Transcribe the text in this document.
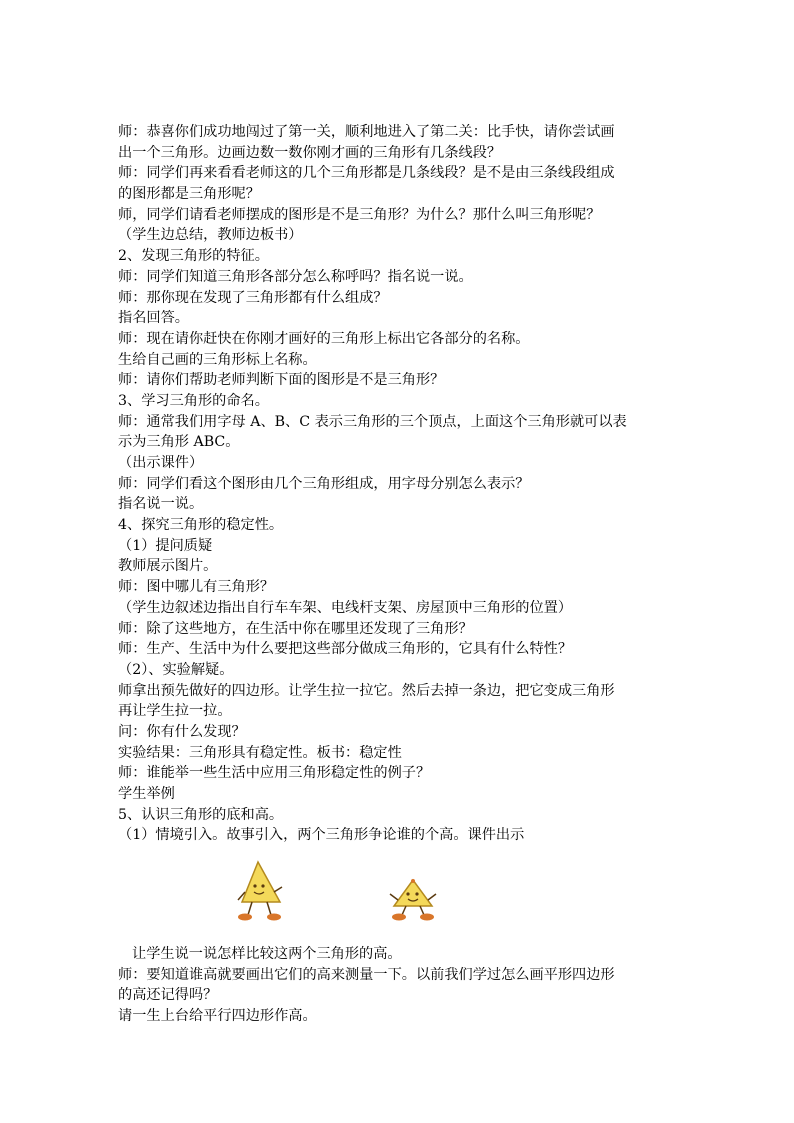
师：恭喜你们成功地闯过了第一关，顺利地进入了第二关：比手快，请你尝试画
出一个三角形。边画边数一数你刚才画的三角形有几条线段？
师：同学们再来看看老师这的几个三角形都是几条线段？是不是由三条线段组成
的图形都是三角形呢？
师，同学们请看老师摆成的图形是不是三角形？为什么？那什么叫三角形呢？
（学生边总结，教师边板书）
2、发现三角形的特征。
师：同学们知道三角形各部分怎么称呼吗？指名说一说。
师：那你现在发现了三角形都有什么组成？
指名回答。
师：现在请你赶快在你刚才画好的三角形上标出它各部分的名称。
生给自己画的三角形标上名称。
师：请你们帮助老师判断下面的图形是不是三角形？
3、学习三角形的命名。
师：通常我们用字母 A、B、C 表示三角形的三个顶点，上面这个三角形就可以表
示为三角形 ABC。
（出示课件）
师：同学们看这个图形由几个三角形组成，用字母分别怎么表示？
指名说一说。
4、探究三角形的稳定性。
（1）提问质疑
教师展示图片。
师：图中哪儿有三角形？
（学生边叙述边指出自行车车架、电线杆支架、房屋顶中三角形的位置）
师：除了这些地方，在生活中你在哪里还发现了三角形？
师：生产、生活中为什么要把这些部分做成三角形的，它具有什么特性？
（2）、实验解疑。
师拿出预先做好的四边形。让学生拉一拉它。然后去掉一条边，把它变成三角形
再让学生拉一拉。
问：你有什么发现？
实验结果：三角形具有稳定性。板书：稳定性
师：谁能举一些生活中应用三角形稳定性的例子？
学生举例
5、认识三角形的底和高。
（1）情境引入。故事引入，两个三角形争论谁的个高。课件出示
让学生说一说怎样比较这两个三角形的高。
师：要知道谁高就要画出它们的高来测量一下。以前我们学过怎么画平形四边形
的高还记得吗？
请一生上台给平行四边形作高。
